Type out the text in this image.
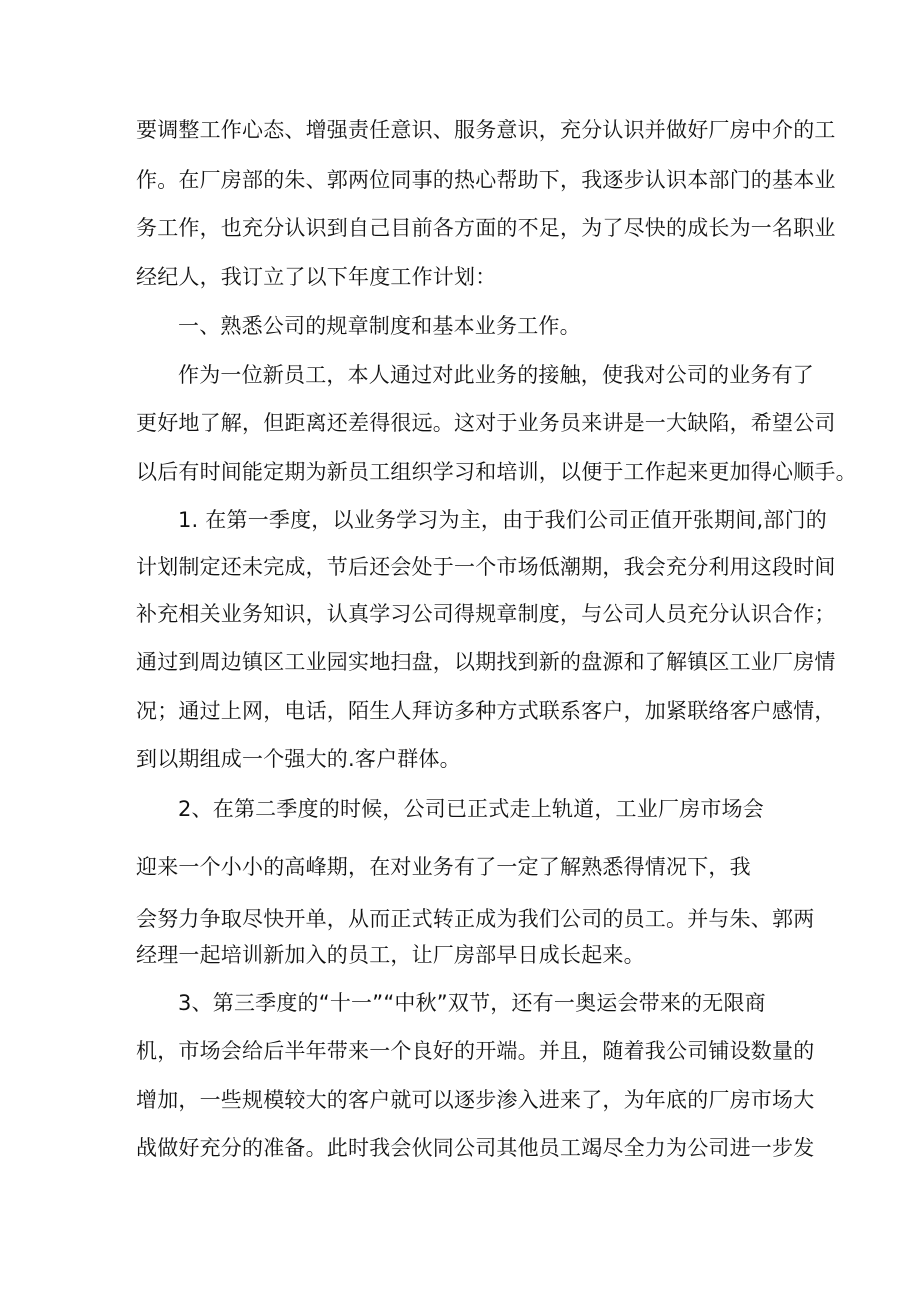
要调整工作心态、增强责任意识、服务意识，充分认识并做好厂房中介的工
作。在厂房部的朱、郭两位同事的热心帮助下，我逐步认识本部门的基本业
务工作，也充分认识到自己目前各方面的不足，为了尽快的成长为一名职业
经纪人，我订立了以下年度工作计划：
一、熟悉公司的规章制度和基本业务工作。
作为一位新员工，本人通过对此业务的接触，使我对公司的业务有了
更好地了解，但距离还差得很远。这对于业务员来讲是一大缺陷，希望公司
以后有时间能定期为新员工组织学习和培训，以便于工作起来更加得心顺手。
1. 在第一季度，以业务学习为主，由于我们公司正值开张期间,部门的
计划制定还未完成，节后还会处于一个市场低潮期，我会充分利用这段时间
补充相关业务知识，认真学习公司得规章制度，与公司人员充分认识合作；
通过到周边镇区工业园实地扫盘，以期找到新的盘源和了解镇区工业厂房情
况；通过上网，电话，陌生人拜访多种方式联系客户，加紧联络客户感情，
到以期组成一个强大的.客户群体。
2、在第二季度的时候，公司已正式走上轨道，工业厂房市场会
迎来一个小小的高峰期，在对业务有了一定了解熟悉得情况下，我
会努力争取尽快开单，从而正式转正成为我们公司的员工。并与朱、郭两
经理一起培训新加入的员工，让厂房部早日成长起来。
3、第三季度的“十一”“中秋”双节，还有一奥运会带来的无限商
机，市场会给后半年带来一个良好的开端。并且，随着我公司铺设数量的
增加，一些规模较大的客户就可以逐步渗入进来了，为年底的厂房市场大
战做好充分的准备。此时我会伙同公司其他员工竭尽全力为公司进一步发
